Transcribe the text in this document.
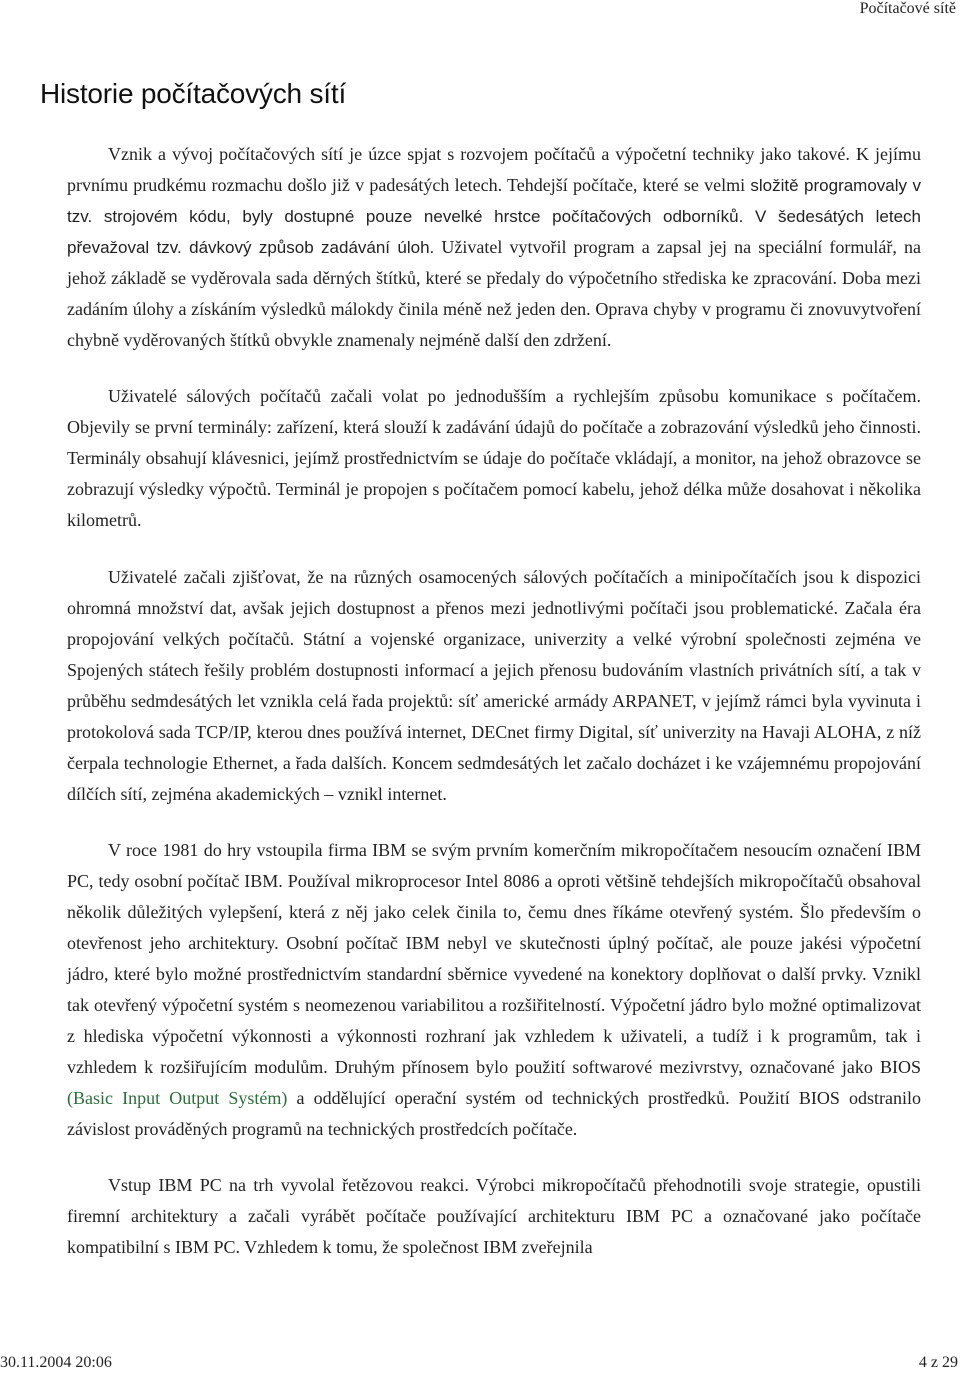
Počítačové sítě
Historie počítačových sítí

Vznik a vývoj počítačových sítí je úzce spjat s rozvojem počítačů a výpočetní techniky jako takové. K jejímu prvnímu prudkému rozmachu došlo již v padesátých letech. Tehdejší počítače, které se velmi složitě programovaly v tzv. strojovém kódu, byly dostupné pouze nevelké hrstce počítačových odborníků. V šedesátých letech převažoval tzv. dávkový způsob zadávání úloh. Uživatel vytvořil program a zapsal jej na speciální formulář, na jehož základě se vyděrovala sada děrných štítků, které se předaly do výpočetního střediska ke zpracování. Doba mezi zadáním úlohy a získáním výsledků málokdy činila méně než jeden den. Oprava chyby v programu či znovuvytvoření chybně vyděrovaných štítků obvykle znamenaly nejméně další den zdržení.

Uživatelé sálových počítačů začali volat po jednodušším a rychlejším způsobu komunikace s počítačem. Objevily se první terminály: zařízení, která slouží k zadávání údajů do počítače a zobrazování výsledků jeho činnosti. Terminály obsahují klávesnici, jejímž prostřednictvím se údaje do počítače vkládají, a monitor, na jehož obrazovce se zobrazují výsledky výpočtů. Terminál je propojen s počítačem pomocí kabelu, jehož délka může dosahovat i několika kilometrů.

Uživatelé začali zjišťovat, že na různých osamocených sálových počítačích a minipočítačích jsou k dispozici ohromná množství dat, avšak jejich dostupnost a přenos mezi jednotlivými počítači jsou problematické. Začala éra propojování velkých počítačů. Státní a vojenské organizace, univerzity a velké výrobní společnosti zejména ve Spojených státech řešily problém dostupnosti informací a jejich přenosu budováním vlastních privátních sítí, a tak v průběhu sedmdesátých let vznikla celá řada projektů: síť americké armády ARPANET, v jejímž rámci byla vyvinuta i protokolová sada TCP/IP, kterou dnes používá internet, DECnet firmy Digital, síť univerzity na Havaji ALOHA, z níž čerpala technologie Ethernet, a řada dalších. Koncem sedmdesátých let začalo docházet i ke vzájemnému propojování dílčích sítí, zejména akademických – vznikl internet.

V roce 1981 do hry vstoupila firma IBM se svým prvním komerčním mikropočítačem nesoucím označení IBM PC, tedy osobní počítač IBM. Používal mikroprocesor Intel 8086 a oproti většině tehdejších mikropočítačů obsahoval několik důležitých vylepšení, která z něj jako celek činila to, čemu dnes říkáme otevřený systém. Šlo především o otevřenost jeho architektury. Osobní počítač IBM nebyl ve skutečnosti úplný počítač, ale pouze jakési výpočetní jádro, které bylo možné prostřednictvím standardní sběrnice vyvedené na konektory doplňovat o další prvky. Vznikl tak otevřený výpočetní systém s neomezenou variabilitou a rozšiřitelností. Výpočetní jádro bylo možné optimalizovat z hlediska výpočetní výkonnosti a výkonnosti rozhraní jak vzhledem k uživateli, a tudíž i k programům, tak i vzhledem k rozšiřujícím modulům. Druhým přínosem bylo použití softwarové mezivrstvy, označované jako BIOS (Basic Input Output Systém) a oddělující operační systém od technických prostředků. Použití BIOS odstranilo závislost prováděných programů na technických prostředcích počítače.

Vstup IBM PC na trh vyvolal řetězovou reakci. Výrobci mikropočítačů přehodnotili svoje strategie, opustili firemní architektury a začali vyrábět počítače používající architekturu IBM PC a označované jako počítače kompatibilní s IBM PC. Vzhledem k tomu, že společnost IBM zveřejnila

30.11.2004 20:06	4 z 29
